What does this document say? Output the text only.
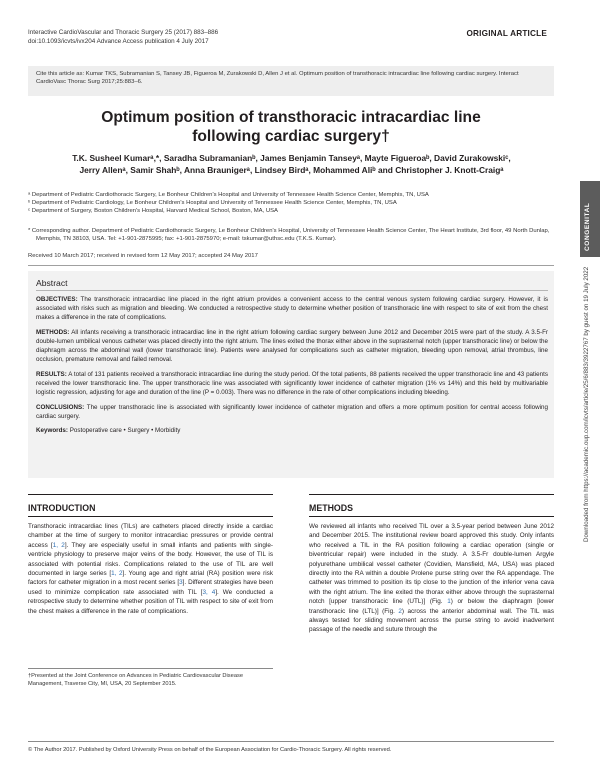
Interactive CardioVascular and Thoracic Surgery 25 (2017) 883–886
doi:10.1093/icvts/ivx204 Advance Access publication 4 July 2017
ORIGINAL ARTICLE

Cite this article as: Kumar TKS, Subramanian S, Tansey JB, Figueroa M, Zurakowski D, Allen J et al. Optimum position of transthoracic intracardiac line following cardiac surgery. Interact CardioVasc Thorac Surg 2017;25:883–6.

Optimum position of transthoracic intracardiac line
following cardiac surgery†
T.K. Susheel Kumarᵃ,*, Saradha Subramanianᵇ, James Benjamin Tanseyᵃ, Mayte Figueroaᵇ, David Zurakowskiᶜ,
Jerry Allenᵃ, Samir Shahᵇ, Anna Braunigerᵃ, Lindsey Birdᵃ, Mohammed Aliᵇ and Christopher J. Knott-Craigᵃ
ᵃ Department of Pediatric Cardiothoracic Surgery, Le Bonheur Children's Hospital and University of Tennessee Health Science Center, Memphis, TN, USA
ᵇ Department of Pediatric Cardiology, Le Bonheur Children's Hospital and University of Tennessee Health Science Center, Memphis, TN, USA
ᶜ Department of Surgery, Boston Children's Hospital, Harvard Medical School, Boston, MA, USA
* Corresponding author. Department of Pediatric Cardiothoracic Surgery, Le Bonheur Children's Hospital, University of Tennessee Health Science Center, The Heart Institute, 3rd floor, 49 North Dunlap, Memphis, TN 38103, USA. Tel: +1-901-2875995; fax: +1-901-2875970; e-mail: tskumar@uthsc.edu (T.K.S. Kumar).
Received 10 March 2017; received in revised form 12 May 2017; accepted 24 May 2017
Abstract

OBJECTIVES: The transthoracic intracardiac line placed in the right atrium provides a convenient access to the central venous system following cardiac surgery. However, it is associated with risks such as migration and bleeding. We conducted a retrospective study to determine whether position of transthoracic line with respect to site of exit from the chest makes a difference in the rate of complications.

METHODS: All infants receiving a transthoracic intracardiac line in the right atrium following cardiac surgery between June 2012 and December 2015 were part of the study. A 3.5-Fr double-lumen umbilical venous catheter was placed directly into the right atrium. The lines exited the thorax either above in the suprasternal notch (upper transthoracic line) or below the diaphragm across the abdominal wall (lower transthoracic line). Patients were analysed for complications such as catheter migration, bleeding upon removal, atrial thrombus, line occlusion, premature removal and failed removal.

RESULTS: A total of 131 patients received a transthoracic intracardiac line during the study period. Of the total patients, 88 patients received the upper transthoracic line and 43 patients received the lower transthoracic line. The upper transthoracic line was associated with significantly lower incidence of catheter migration (1% vs 14%) and this held by multivariable logistic regression, adjusting for age and duration of the line (P = 0.003). There was no difference in the rate of other complications including bleeding.

CONCLUSIONS: The upper transthoracic line is associated with significantly lower incidence of catheter migration and offers a more optimum position for central access following cardiac surgery.

Keywords: Postoperative care • Surgery • Morbidity

INTRODUCTION

Transthoracic intracardiac lines (TILs) are catheters placed directly inside a cardiac chamber at the time of surgery to monitor intracardiac pressures or provide central access [1, 2]. They are especially useful in small infants and patients with single-ventricle physiology to preserve major veins of the body. However, the use of TIL is associated with potential risks. Complications related to the use of TIL are well documented in large series [1, 2]. Young age and right atrial (RA) position were risk factors for catheter migration in a most recent series [3]. Different strategies have been used to minimize complication rate associated with TIL [3, 4]. We conducted a retrospective study to determine whether position of TIL with respect to site of exit from the chest makes a difference in the rate of complications.

†Presented at the Joint Conference on Advances in Pediatric Cardiovascular Disease Management, Traverse City, MI, USA, 20 September 2015.
METHODS

We reviewed all infants who received TIL over a 3.5-year period between June 2012 and December 2015. The institutional review board approved this study. Only infants who received a TIL in the RA position following a cardiac operation (single or biventricular repair) were included in the study. A 3.5-Fr double-lumen Argyle polyurethane umbilical vessel catheter (Covidien, Mansfield, MA, USA) was placed directly into the RA within a double Prolene purse string over the RA appendage. The catheter was trimmed to position its tip close to the junction of the inferior vena cava with the right atrium. The line exited the thorax either above through the suprasternal notch [upper transthoracic line (UTL)] (Fig. 1) or below the diaphragm [lower transthoracic line (LTL)] (Fig. 2) across the anterior abdominal wall. The TIL was always tested for sliding movement across the purse string to avoid inadvertent passage of the needle and suture through the

© The Author 2017. Published by Oxford University Press on behalf of the European Association for Cardio-Thoracic Surgery. All rights reserved.
CONGENITAL
Downloaded from https://academic.oup.com/icvts/article/25/6/883/3922767 by guest on 19 July 2022
